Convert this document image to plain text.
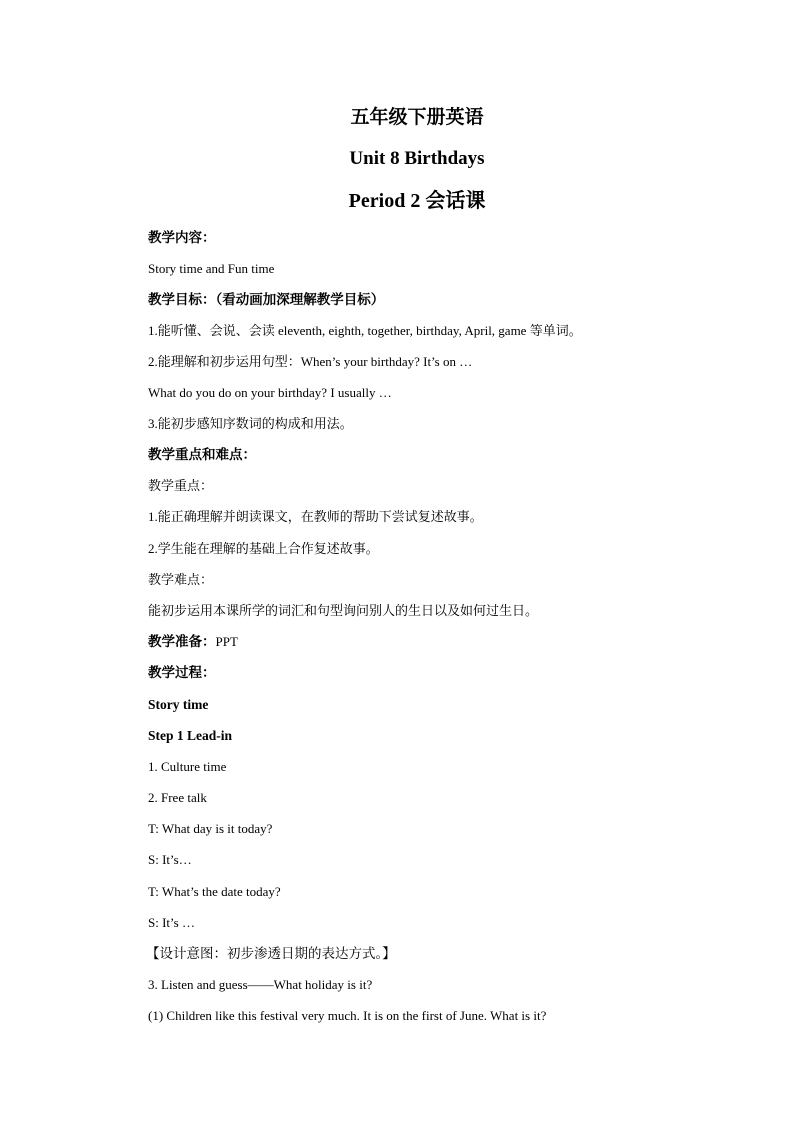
五年级下册英语
Unit 8 Birthdays
Period 2 会话课
教学内容：
Story time and Fun time
教学目标：（看动画加深理解教学目标）
1.能听懂、会说、会读 eleventh, eighth, together, birthday, April, game 等单词。
2.能理解和初步运用句型：When’s your birthday? It’s on …
What do you do on your birthday? I usually …
3.能初步感知序数词的构成和用法。
教学重点和难点：
教学重点：
1.能正确理解并朗读课文，在教师的帮助下尝试复述故事。
2.学生能在理解的基础上合作复述故事。
教学难点：
能初步运用本课所学的词汇和句型询问别人的生日以及如何过生日。
教学准备：PPT
教学过程：
Story time
Step 1 Lead-in
1. Culture time
2. Free talk
T: What day is it today?
S: It’s…
T: What’s the date today?
S: It’s …
【设计意图：初步渗透日期的表达方式。】
3. Listen and guess——What holiday is it?
(1) Children like this festival very much. It is on the first of June. What is it?
